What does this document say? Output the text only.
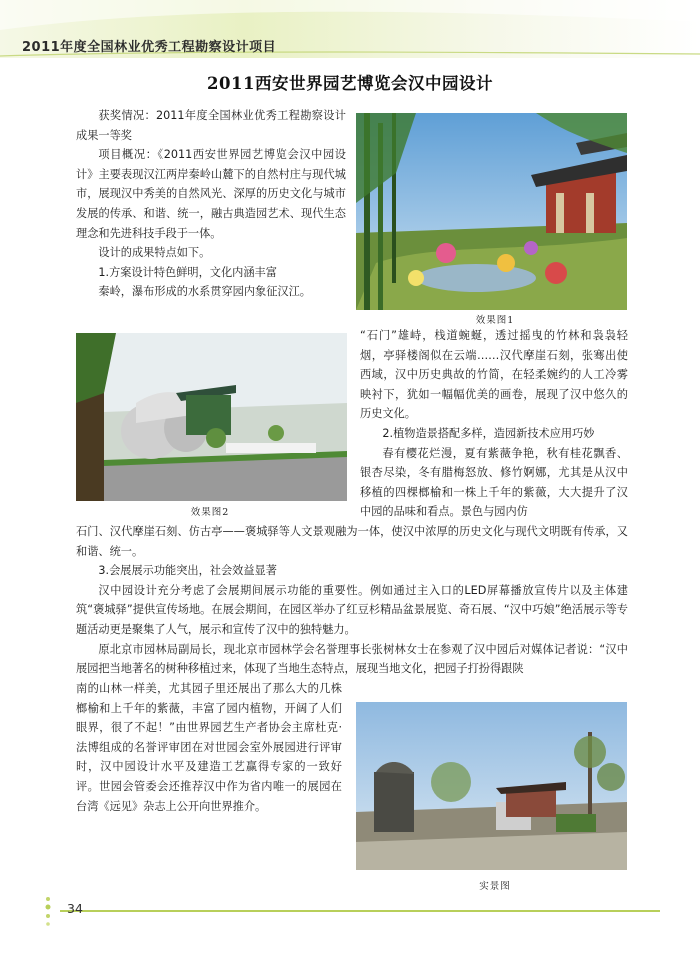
2011年度全国林业优秀工程勘察设计项目
2011西安世界园艺博览会汉中园设计

获奖情况：2011年度全国林业优秀工程勘察设计成果一等奖

项目概况：《2011西安世界园艺博览会汉中园设计》主要表现汉江两岸秦岭山麓下的自然村庄与现代城市，展现汉中秀美的自然风光、深厚的历史文化与城市发展的传承、和谐、统一，融古典造园艺术、现代生态理念和先进科技手段于一体。

设计的成果特点如下。

1.方案设计特色鲜明，文化内涵丰富

秦岭，瀑布形成的水系贯穿园内象征汉江。

效果图1
效果图2

“石门”雄峙，栈道蜿蜒，透过摇曳的竹林和袅袅轻烟，亭驿楼阁似在云端……汉代摩崖石刻，张骞出使西域，汉中历史典故的竹简，在轻柔婉约的人工冷雾映衬下，犹如一幅幅优美的画卷，展现了汉中悠久的历史文化。

2.植物造景搭配多样，造园新技术应用巧妙

春有樱花烂漫，夏有紫薇争艳，秋有桂花飘香、银杏尽染，冬有腊梅怒放、修竹婀娜，尤其是从汉中移植的四棵榔榆和一株上千年的紫薇，大大提升了汉中园的品味和看点。景色与园内仿

石门、汉代摩崖石刻、仿古亭——褒城驿等人文景观融为一体，使汉中浓厚的历史文化与现代文明既有传承，又和谐、统一。

3.会展展示功能突出，社会效益显著

汉中园设计充分考虑了会展期间展示功能的重要性。例如通过主入口的LED屏幕播放宣传片以及主体建筑“褒城驿”提供宣传场地。在展会期间，在园区举办了红豆杉精品盆景展览、奇石展、“汉中巧娘”绝活展示等专题活动更是聚集了人气，展示和宣传了汉中的独特魅力。

原北京市园林局副局长，现北京市园林学会名誉理事长张树林女士在参观了汉中园后对媒体记者说：“汉中展园把当地著名的树种移植过来，体现了当地生态特点，展现当地文化，把园子打扮得跟陕

南的山林一样美，尤其园子里还展出了那么大的几株榔榆和上千年的紫薇，丰富了园内植物，开阔了人们眼界，很了不起！”由世界园艺生产者协会主席杜克·法博组成的名誉评审团在对世园会室外展园进行评审时，汉中园设计水平及建造工艺赢得专家的一致好评。世园会管委会还推荐汉中作为省内唯一的展园在台湾《远见》杂志上公开向世界推介。

实景图
34
